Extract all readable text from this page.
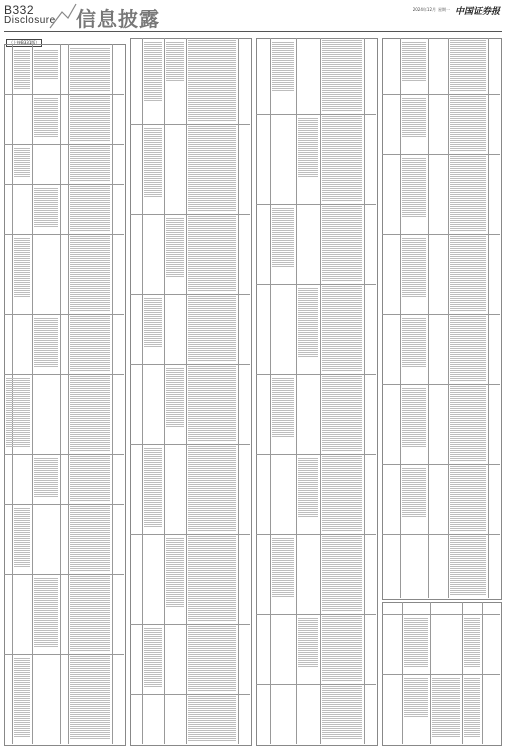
B332
Disclosure 信息披露	2024年12月 星期一 中国证券报
（上接B331版）
